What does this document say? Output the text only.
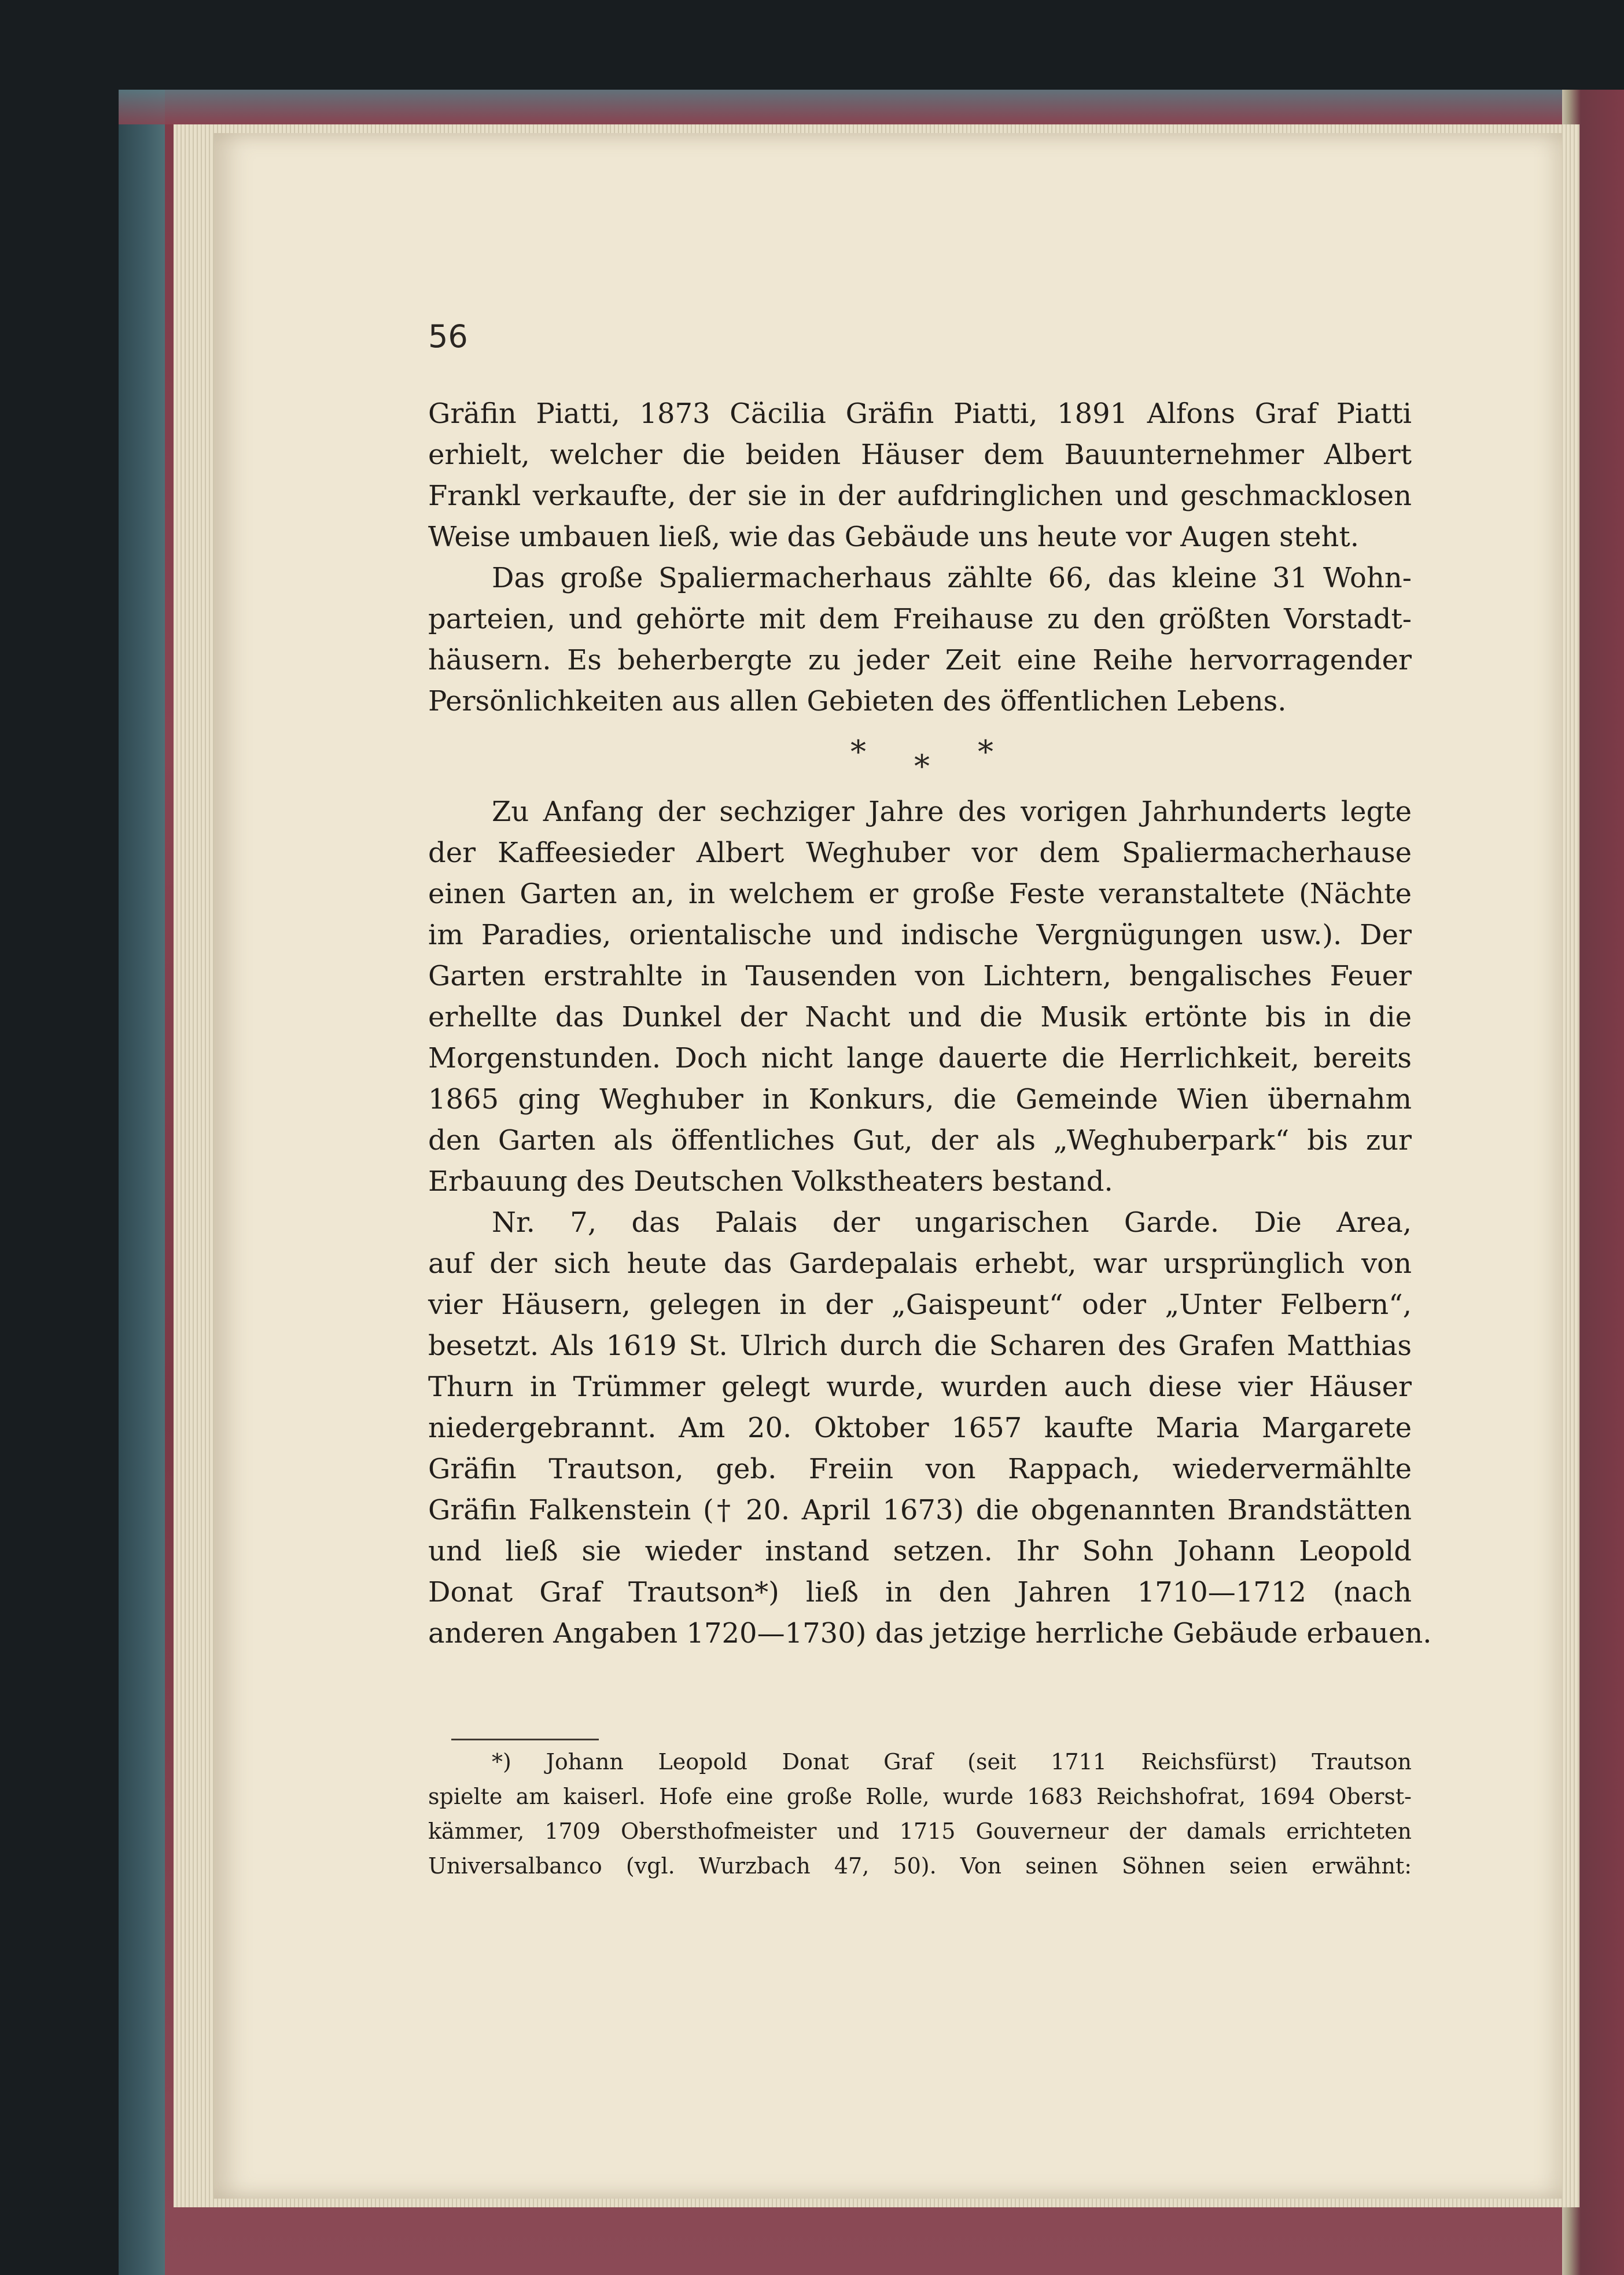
56
Gräfin Piatti, 1873 Cäcilia Gräfin Piatti, 1891 Alfons Graf Piatti
erhielt, welcher die beiden Häuser dem Bauunternehmer Albert
Frankl verkaufte, der sie in der aufdringlichen und geschmacklosen
Weise umbauen ließ, wie das Gebäude uns heute vor Augen steht.
Das große Spaliermacherhaus zählte 66, das kleine 31 Wohn-
parteien, und gehörte mit dem Freihause zu den größten Vorstadt-
häusern. Es beherbergte zu jeder Zeit eine Reihe hervorragender
Persönlichkeiten aus allen Gebieten des öffentlichen Lebens.
* * *
Zu Anfang der sechziger Jahre des vorigen Jahrhunderts legte
der Kaffeesieder Albert Weghuber vor dem Spaliermacherhause
einen Garten an, in welchem er große Feste veranstaltete (Nächte
im Paradies, orientalische und indische Vergnügungen usw.). Der
Garten erstrahlte in Tausenden von Lichtern, bengalisches Feuer
erhellte das Dunkel der Nacht und die Musik ertönte bis in die
Morgenstunden. Doch nicht lange dauerte die Herrlichkeit, bereits
1865 ging Weghuber in Konkurs, die Gemeinde Wien übernahm
den Garten als öffentliches Gut, der als „Weghuberpark“ bis zur
Erbauung des Deutschen Volkstheaters bestand.
Nr. 7, das Palais der ungarischen Garde. Die Area,
auf der sich heute das Gardepalais erhebt, war ursprünglich von
vier Häusern, gelegen in der „Gaispeunt“ oder „Unter Felbern“,
besetzt. Als 1619 St. Ulrich durch die Scharen des Grafen Matthias
Thurn in Trümmer gelegt wurde, wurden auch diese vier Häuser
niedergebrannt. Am 20. Oktober 1657 kaufte Maria Margarete
Gräfin Trautson, geb. Freiin von Rappach, wiedervermählte
Gräfin Falkenstein († 20. April 1673) die obgenannten Brandstätten
und ließ sie wieder instand setzen. Ihr Sohn Johann Leopold
Donat Graf Trautson*) ließ in den Jahren 1710—1712 (nach
anderen Angaben 1720—1730) das jetzige herrliche Gebäude erbauen.
*) Johann Leopold Donat Graf (seit 1711 Reichsfürst) Trautson
spielte am kaiserl. Hofe eine große Rolle, wurde 1683 Reichshofrat, 1694 Oberst-
kämmer, 1709 Obersthofmeister und 1715 Gouverneur der damals errichteten
Universalbanco (vgl. Wurzbach 47, 50). Von seinen Söhnen seien erwähnt:
